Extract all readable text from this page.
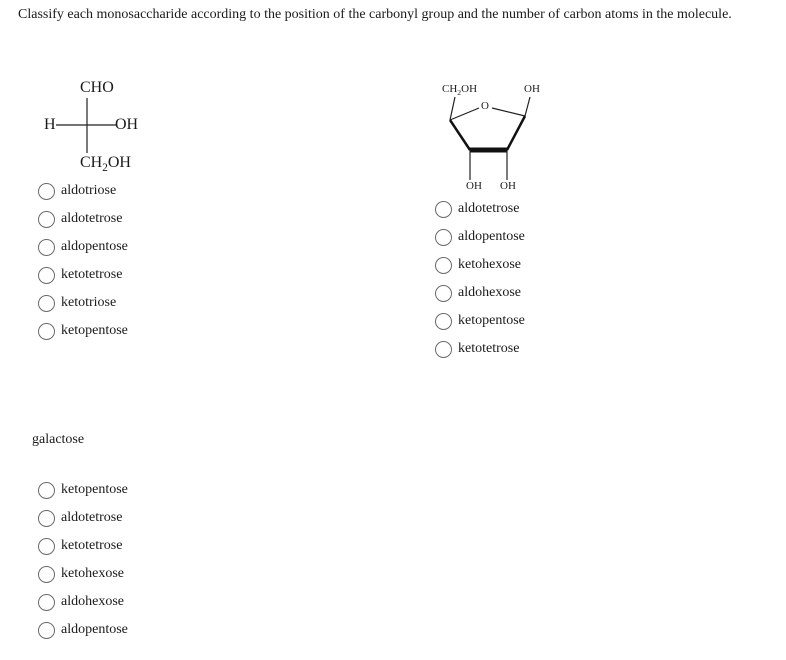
Classify each monosaccharide according to the position of the carbonyl group and the number of carbon atoms in the molecule.
CHO
H	OH
$CH_2OH$
aldotriose
aldotetrose
aldopentose
ketotetrose
ketotriose
ketopentose
$CH_2OH$	OH
O
OH OH
aldotetrose
aldopentose
ketohexose
aldohexose
ketopentose
ketotetrose
galactose
ketopentose
aldotetrose
ketotetrose
ketohexose
aldohexose
aldopentose
